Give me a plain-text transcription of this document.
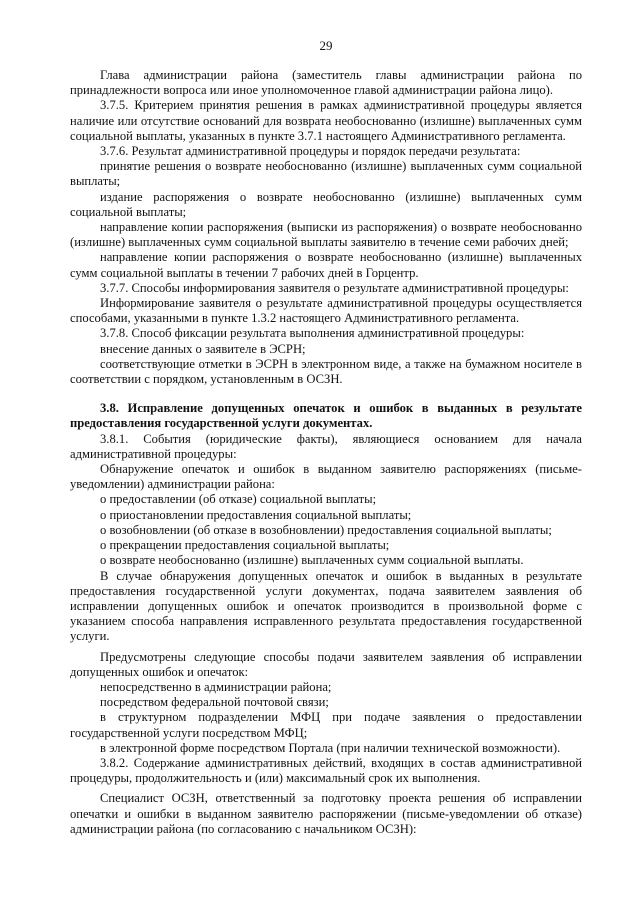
29

Глава администрации района (заместитель главы администрации района по принадлежности вопроса или иное уполномоченное главой администрации района лицо).

3.7.5. Критерием принятия решения в рамках административной процедуры является наличие или отсутствие оснований для возврата необоснованно (излишне) выплаченных сумм социальной выплаты, указанных в пункте 3.7.1 настоящего Административного регламента.

3.7.6. Результат административной процедуры и порядок передачи результата:

принятие решения о возврате необоснованно (излишне) выплаченных сумм социальной выплаты;

издание распоряжения о возврате необоснованно (излишне) выплаченных сумм социальной выплаты;

направление копии распоряжения (выписки из распоряжения) о возврате необоснованно (излишне) выплаченных сумм социальной выплаты заявителю в течение семи рабочих дней;

направление копии распоряжения о возврате необоснованно (излишне) выплаченных сумм социальной выплаты в течении 7 рабочих дней в Горцентр.

3.7.7. Способы информирования заявителя о результате административной процедуры:

Информирование заявителя о результате административной процедуры осуществляется способами, указанными в пункте 1.3.2 настоящего Административного регламента.

3.7.8. Способ фиксации результата выполнения административной процедуры:

внесение данных о заявителе в ЭСРН;

соответствующие отметки в ЭСРН в электронном виде, а также на бумажном носителе в соответствии с порядком, установленным в ОСЗН.

3.8. Исправление допущенных опечаток и ошибок в выданных в результате предоставления государственной услуги документах.

3.8.1. События (юридические факты), являющиеся основанием для начала административной процедуры:

Обнаружение опечаток и ошибок в выданном заявителю распоряжениях (письме-уведомлении) администрации района:

о предоставлении (об отказе) социальной выплаты;

о приостановлении предоставления социальной выплаты;

о возобновлении (об отказе в возобновлении) предоставления социальной выплаты;

о прекращении предоставления социальной выплаты;

о возврате необоснованно (излишне) выплаченных сумм социальной выплаты.

В случае обнаружения допущенных опечаток и ошибок в выданных в результате предоставления государственной услуги документах, подача заявителем заявления об исправлении допущенных ошибок и опечаток производится в произвольной форме с указанием способа направления исправленного результата предоставления государственной услуги.

Предусмотрены следующие способы подачи заявителем заявления об исправлении допущенных ошибок и опечаток:

непосредственно в администрации района;

посредством федеральной почтовой связи;

в структурном подразделении МФЦ при подаче заявления о предоставлении государственной услуги посредством МФЦ;

в электронной форме посредством Портала (при наличии технической возможности).

3.8.2. Содержание административных действий, входящих в состав административной процедуры, продолжительность и (или) максимальный срок их выполнения.

Специалист ОСЗН, ответственный за подготовку проекта решения об исправлении опечатки и ошибки в выданном заявителю распоряжении (письме-уведомлении об отказе) администрации района (по согласованию с начальником ОСЗН):
